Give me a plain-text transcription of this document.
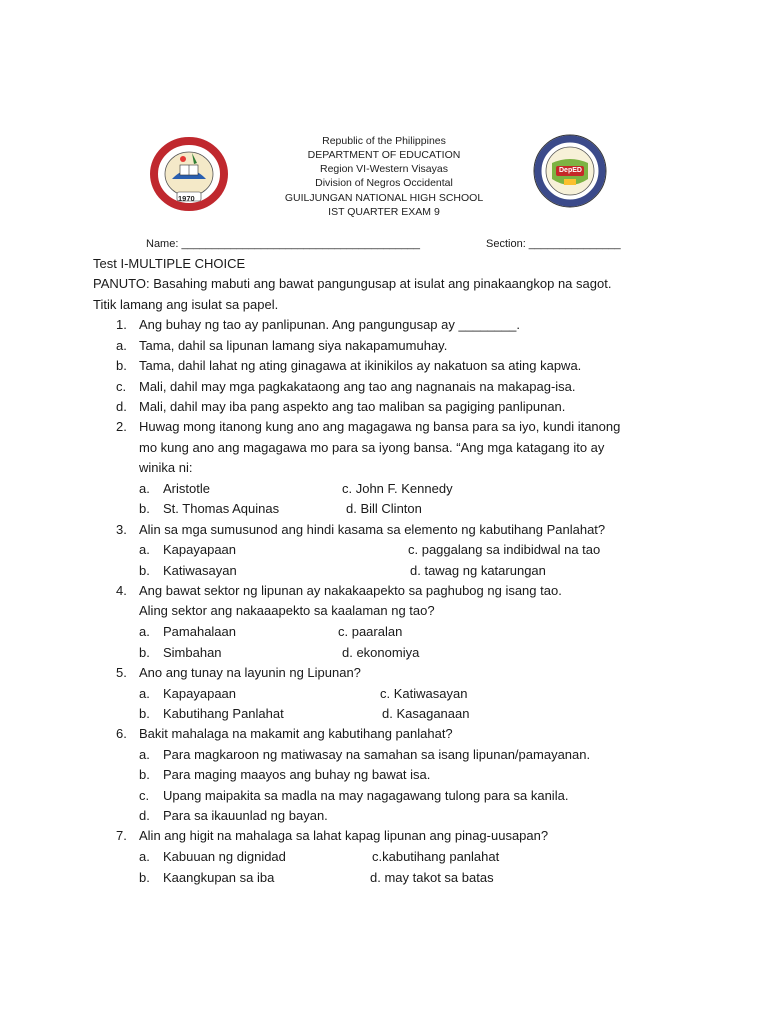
1970
DepED
Republic of the Philippines
DEPARTMENT OF EDUCATION
Region VI-Western Visayas
Division of Negros Occidental
GUILJUNGAN NATIONAL HIGH SCHOOL
IST QUARTER EXAM 9
Name: _______________________________________	Section: _______________
Test I-MULTIPLE CHOICE
PANUTO: Basahing mabuti ang bawat pangungusap at isulat ang pinakaangkop na sagot.
Titik lamang ang isulat sa papel.
1. Ang buhay ng tao ay panlipunan. Ang pangungusap ay ________.
a. Tama, dahil sa lipunan lamang siya nakapamumuhay.
b. Tama, dahil lahat ng ating ginagawa at ikinikilos ay nakatuon sa ating kapwa.
c. Mali, dahil may mga pagkakataong ang tao ang nagnanais na makapag-isa.
d. Mali, dahil may iba pang aspekto ang tao maliban sa pagiging panlipunan.
2. Huwag mong itanong kung ano ang magagawa ng bansa para sa iyo, kundi itanong
mo kung ano ang magagawa mo para sa iyong bansa. “Ang mga katagang ito ay
winika ni:
a. Aristotle	c. John F. Kennedy
b. St. Thomas Aquinas	d. Bill Clinton
3. Alin sa mga sumusunod ang hindi kasama sa elemento ng kabutihang Panlahat?
a. Kapayapaan	c. paggalang sa indibidwal na tao
b. Katiwasayan	d. tawag ng katarungan
4. Ang bawat sektor ng lipunan ay nakakaapekto sa paghubog ng isang tao.
Aling sektor ang nakaaapekto sa kaalaman ng tao?
a. Pamahalaan	c. paaralan
b. Simbahan	d. ekonomiya
5. Ano ang tunay na layunin ng Lipunan?
a. Kapayapaan	c. Katiwasayan
b. Kabutihang Panlahat	d. Kasaganaan
6. Bakit mahalaga na makamit ang kabutihang panlahat?
a. Para magkaroon ng matiwasay na samahan sa isang lipunan/pamayanan.
b. Para maging maayos ang buhay ng bawat isa.
c. Upang maipakita sa madla na may nagagawang tulong para sa kanila.
d. Para sa ikauunlad ng bayan.
7. Alin ang higit na mahalaga sa lahat kapag lipunan ang pinag-uusapan?
a. Kabuuan ng dignidad	c.kabutihang panlahat
b. Kaangkupan sa iba	d. may takot sa batas
